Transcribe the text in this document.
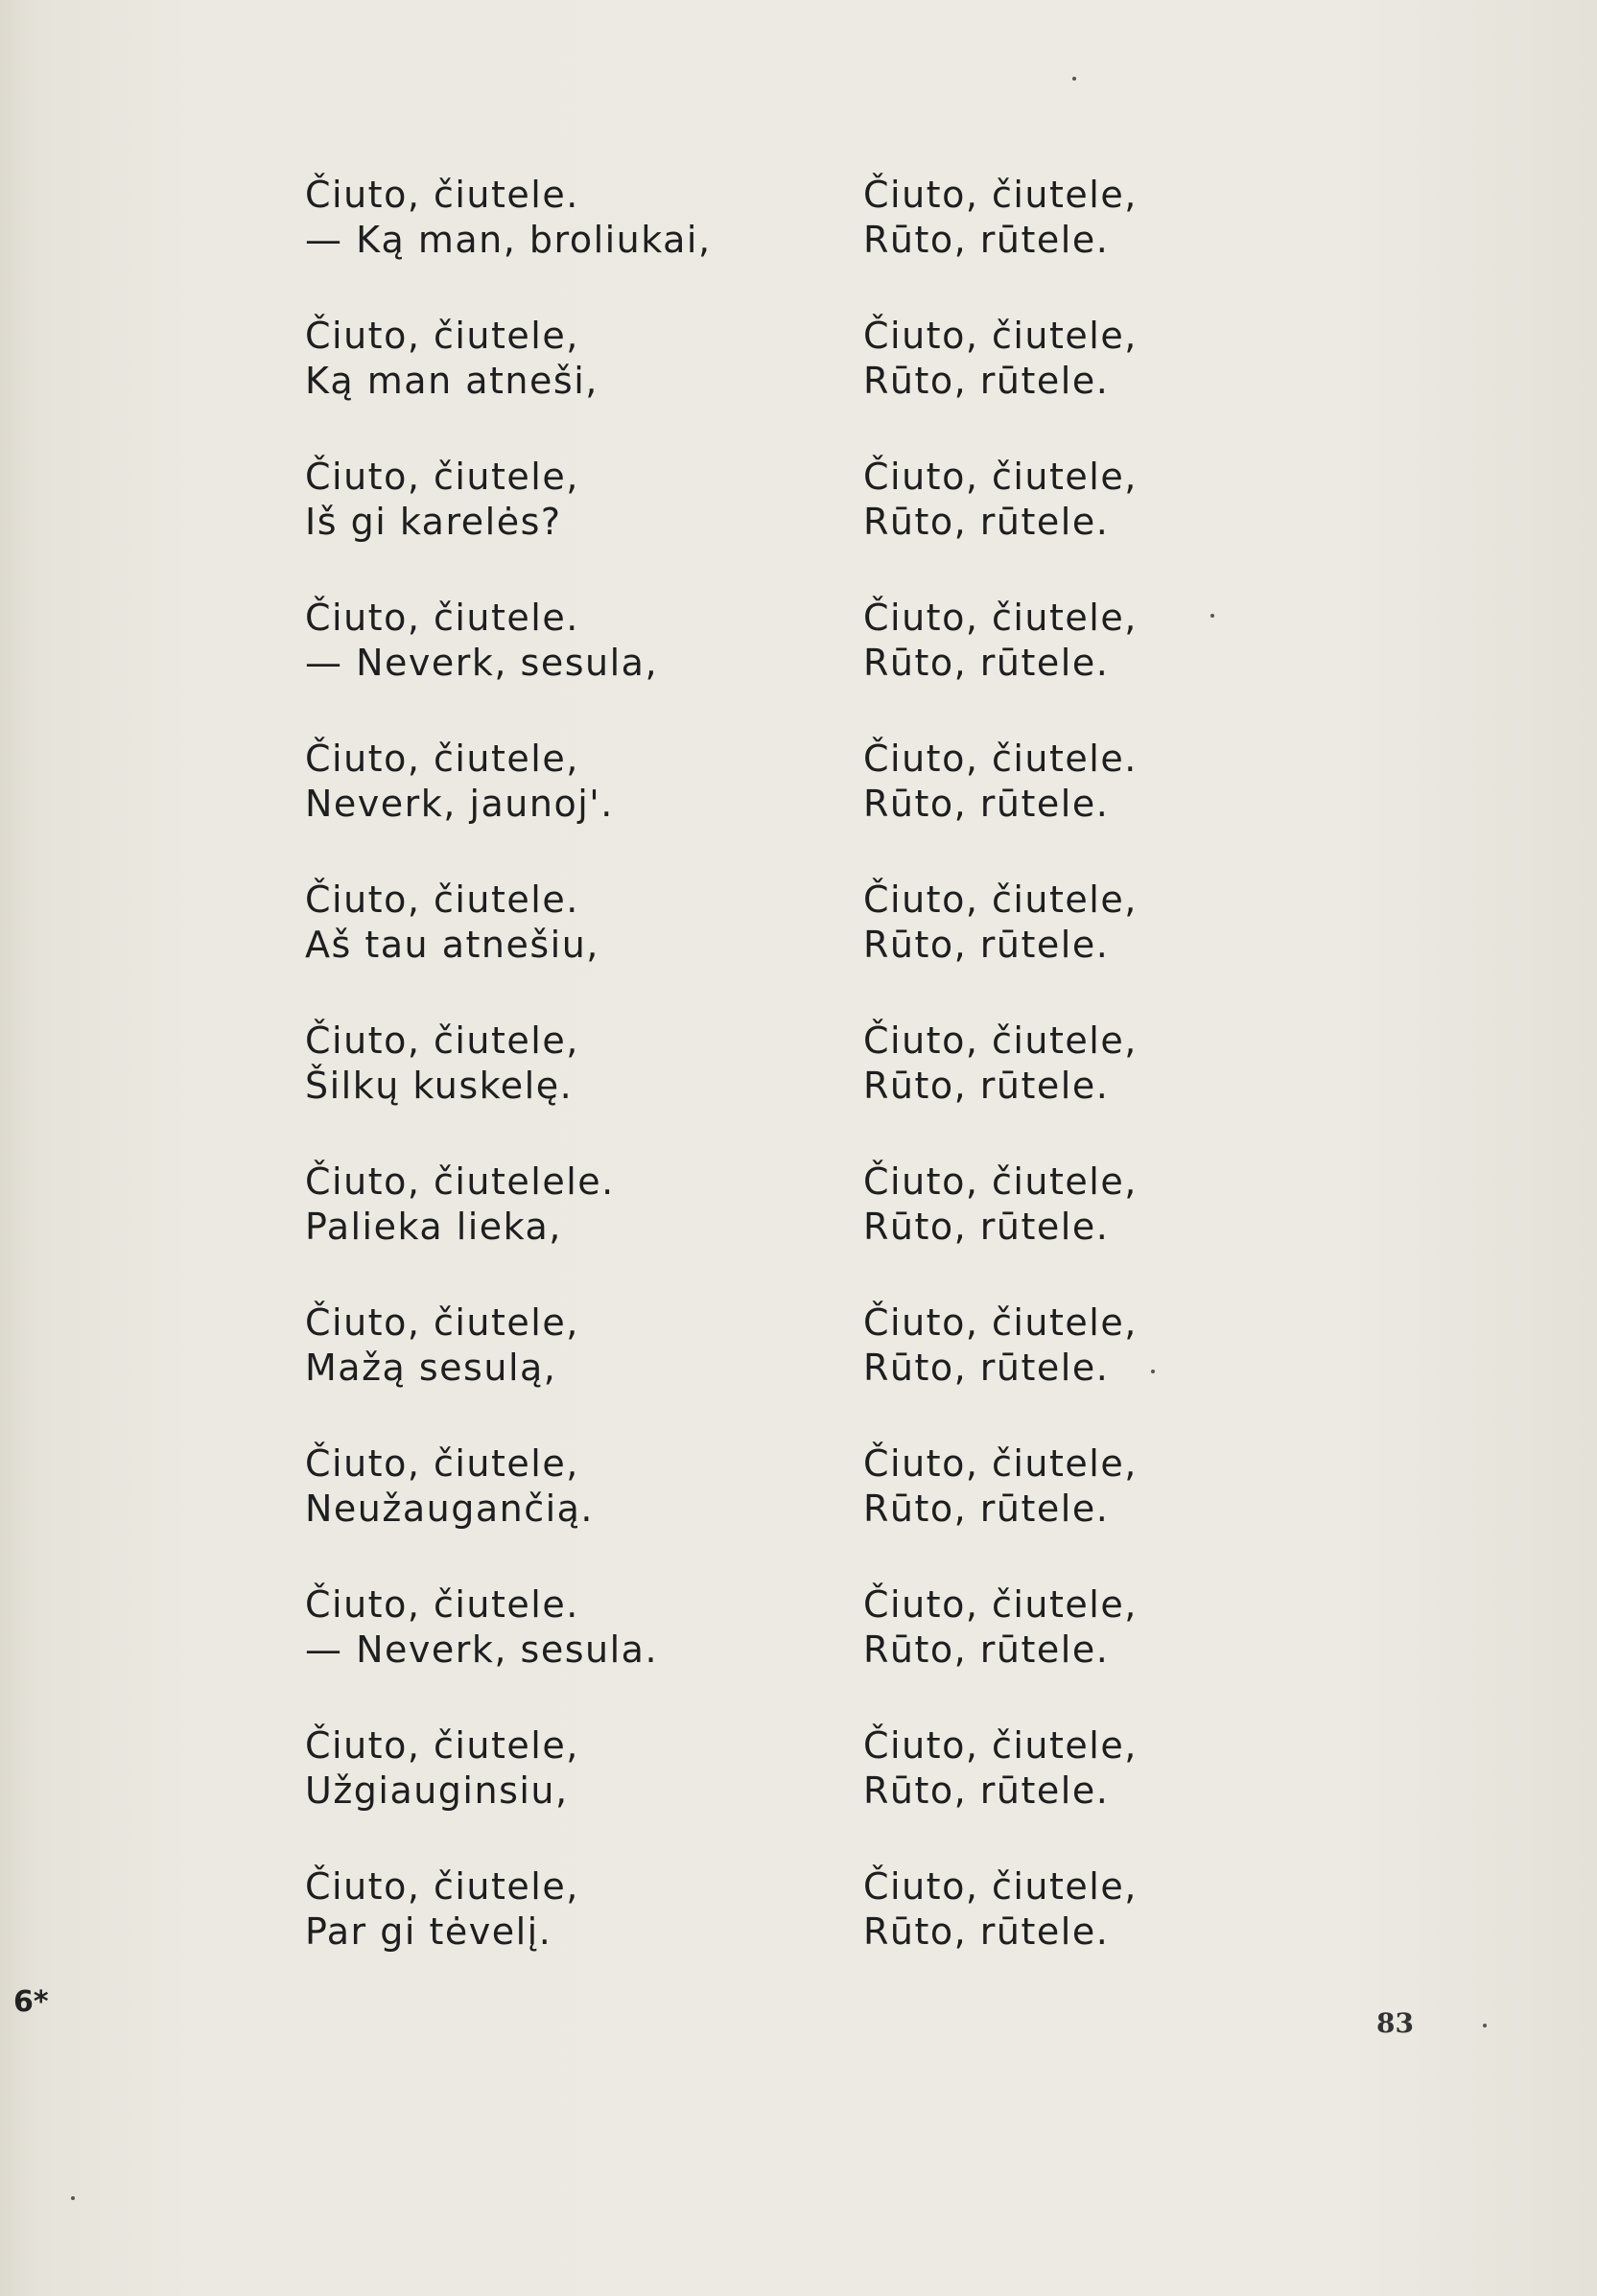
Čiuto, čiutele.
— Ką man, broliukai,
Čiuto, čiutele,
Ką man atneši,
Čiuto, čiutele,
Iš gi karelės?
Čiuto, čiutele.
— Neverk, sesula,
Čiuto, čiutele,
Neverk, jaunoj'.
Čiuto, čiutele.
Aš tau atnešiu,
Čiuto, čiutele,
Šilkų kuskelę.
Čiuto, čiutelele.
Palieka lieka,
Čiuto, čiutele,
Mažą sesulą,
Čiuto, čiutele,
Neužaugančią.
Čiuto, čiutele.
— Neverk, sesula.
Čiuto, čiutele,
Užgiauginsiu,
Čiuto, čiutele,
Par gi tėvelį.
Čiuto, čiutele,
Rūto, rūtele.
Čiuto, čiutele,
Rūto, rūtele.
Čiuto, čiutele,
Rūto, rūtele.
Čiuto, čiutele,
Rūto, rūtele.
Čiuto, čiutele.
Rūto, rūtele.
Čiuto, čiutele,
Rūto, rūtele.
Čiuto, čiutele,
Rūto, rūtele.
Čiuto, čiutele,
Rūto, rūtele.
Čiuto, čiutele,
Rūto, rūtele.
Čiuto, čiutele,
Rūto, rūtele.
Čiuto, čiutele,
Rūto, rūtele.
Čiuto, čiutele,
Rūto, rūtele.
Čiuto, čiutele,
Rūto, rūtele.
6*
83
